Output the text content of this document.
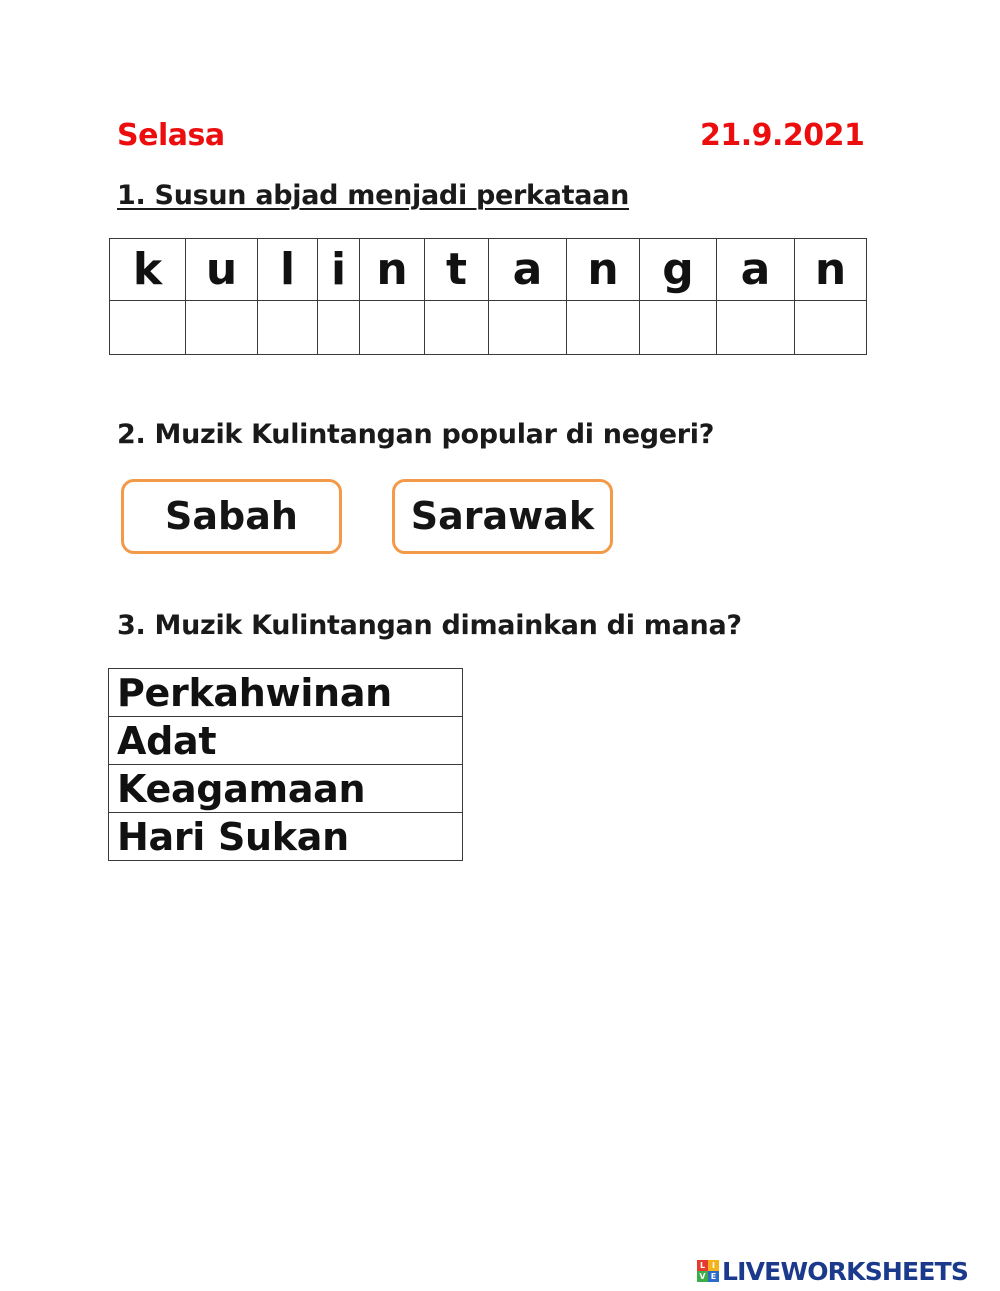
Selasa	21.9.2021
1. Susun abjad menjadi perkataan
k	u	l	i	n	t	a	n	g	a	n

2. Muzik Kulintangan popular di negeri?
Sabah	Sarawak
3. Muzik Kulintangan dimainkan di mana?
Perkahwinan
Adat
Keagamaan
Hari Sukan
L I
V E LIVEWORKSHEETS
